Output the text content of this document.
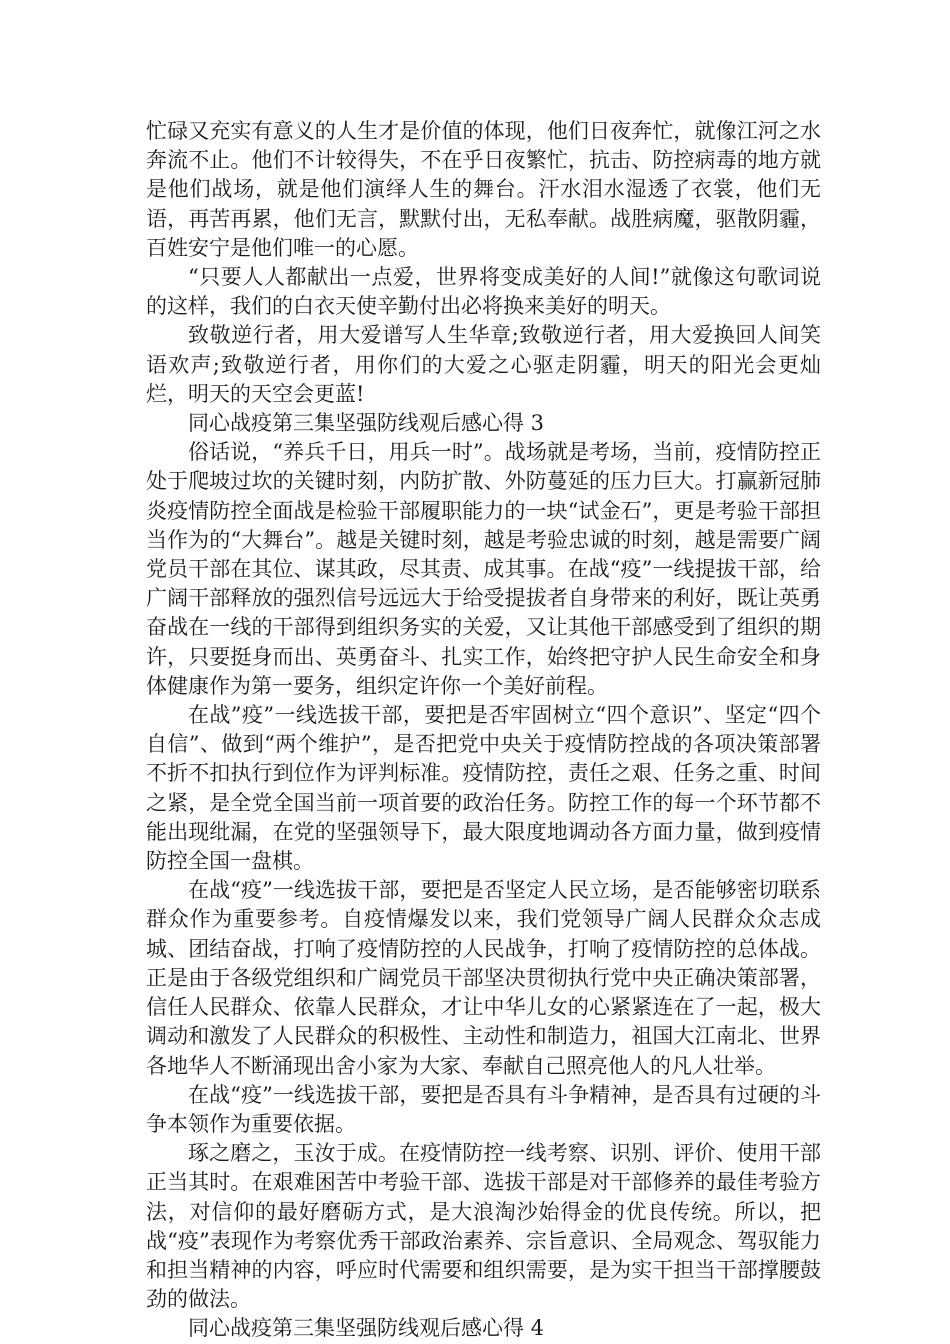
忙碌又充实有意义的人生才是价值的体现，他们日夜奔忙，就像江河之水奔流不止。他们不计较得失，不在乎日夜繁忙，抗击、防控病毒的地方就是他们战场，就是他们演绎人生的舞台。汗水泪水湿透了衣裳，他们无语，再苦再累，他们无言，默默付出，无私奉献。战胜病魔，驱散阴霾，百姓安宁是他们唯一的心愿。

“只要人人都献出一点爱，世界将变成美好的人间!”就像这句歌词说的这样，我们的白衣天使辛勤付出必将换来美好的明天。

致敬逆行者，用大爱谱写人生华章;致敬逆行者，用大爱换回人间笑语欢声;致敬逆行者，用你们的大爱之心驱走阴霾，明天的阳光会更灿烂，明天的天空会更蓝!

同心战疫第三集坚强防线观后感心得 3

俗话说，“养兵千日，用兵一时”。战场就是考场，当前，疫情防控正处于爬坡过坎的关键时刻，内防扩散、外防蔓延的压力巨大。打赢新冠肺炎疫情防控全面战是检验干部履职能力的一块“试金石”，更是考验干部担当作为的“大舞台”。越是关键时刻，越是考验忠诚的时刻，越是需要广阔党员干部在其位、谋其政，尽其责、成其事。在战“疫”一线提拔干部，给广阔干部释放的强烈信号远远大于给受提拔者自身带来的利好，既让英勇奋战在一线的干部得到组织务实的关爱，又让其他干部感受到了组织的期许，只要挺身而出、英勇奋斗、扎实工作，始终把守护人民生命安全和身体健康作为第一要务，组织定许你一个美好前程。

在战”疫”一线选拔干部，要把是否牢固树立“四个意识”、坚定“四个自信”、做到“两个维护”，是否把党中央关于疫情防控战的各项决策部署不折不扣执行到位作为评判标准。疫情防控，责任之艰、任务之重、时间之紧，是全党全国当前一项首要的政治任务。防控工作的每一个环节都不能出现纰漏，在党的坚强领导下，最大限度地调动各方面力量，做到疫情防控全国一盘棋。

在战“疫”一线选拔干部，要把是否坚定人民立场，是否能够密切联系群众作为重要参考。自疫情爆发以来，我们党领导广阔人民群众众志成城、团结奋战，打响了疫情防控的人民战争，打响了疫情防控的总体战。正是由于各级党组织和广阔党员干部坚决贯彻执行党中央正确决策部署，信任人民群众、依靠人民群众，才让中华儿女的心紧紧连在了一起，极大调动和激发了人民群众的积极性、主动性和制造力，祖国大江南北、世界各地华人不断涌现出舍小家为大家、奉献自己照亮他人的凡人壮举。

在战“疫”一线选拔干部，要把是否具有斗争精神，是否具有过硬的斗争本领作为重要依据。

琢之磨之，玉汝于成。在疫情防控一线考察、识别、评价、使用干部正当其时。在艰难困苦中考验干部、选拔干部是对干部修养的最佳考验方法，对信仰的最好磨砺方式，是大浪淘沙始得金的优良传统。所以，把战“疫”表现作为考察优秀干部政治素养、宗旨意识、全局观念、驾驭能力和担当精神的内容，呼应时代需要和组织需要，是为实干担当干部撑腰鼓劲的做法。

同心战疫第三集坚强防线观后感心得 4
